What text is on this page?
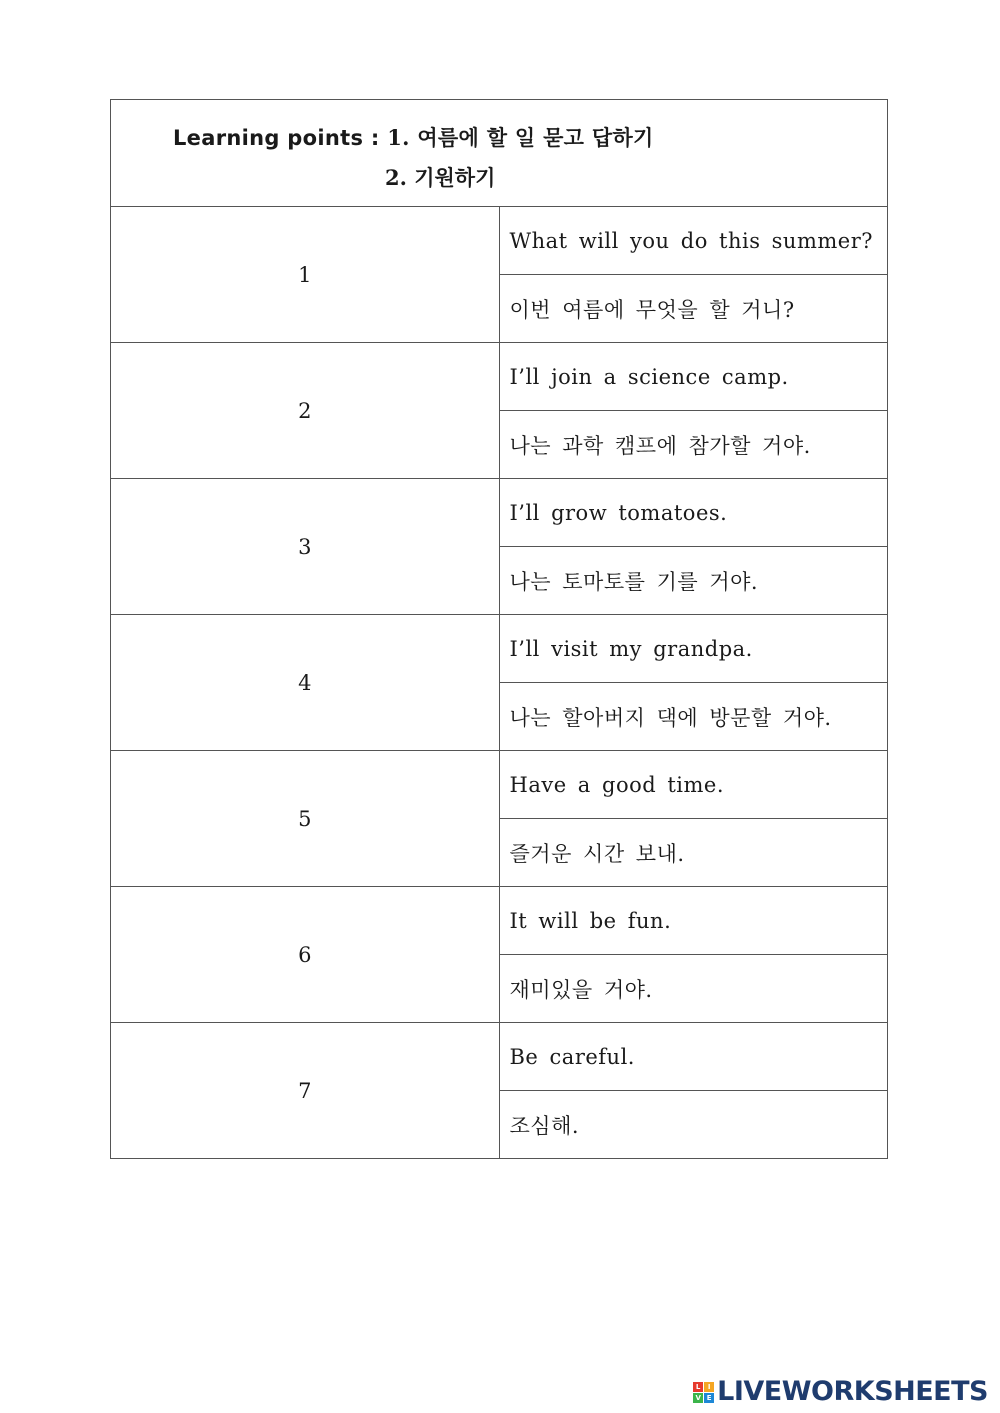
Learning points : 1. 여름에 할 일 묻고 답하기
2. 기원하기	

1	What will you do this summer?
	이번 여름에 무엇을 할 거니?
2	I’ll join a science camp.
	나는 과학 캠프에 참가할 거야.
3	I’ll grow tomatoes.
	나는 토마토를 기를 거야.
4	I’ll visit my grandpa.
	나는 할아버지 댁에 방문할 거야.
5	Have a good time.
	즐거운 시간 보내.
6	It will be fun.
	재미있을 거야.
7	Be careful.
	조심해.
L	I
V E LIVEWORKSHEETS
